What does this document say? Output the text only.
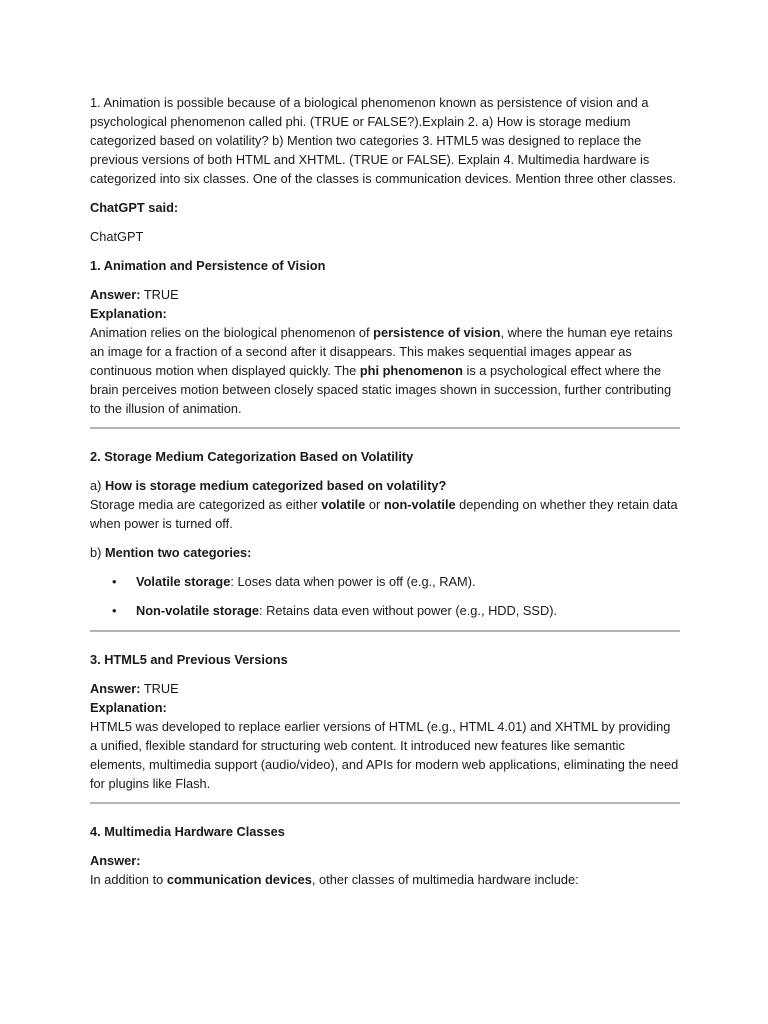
1. Animation is possible because of a biological phenomenon known as persistence of vision and a psychological phenomenon called phi. (TRUE or FALSE?).Explain 2. a) How is storage medium categorized based on volatility? b) Mention two categories 3. HTML5 was designed to replace the previous versions of both HTML and XHTML. (TRUE or FALSE). Explain 4. Multimedia hardware is categorized into six classes. One of the classes is communication devices. Mention three other classes.

ChatGPT said:

ChatGPT

1. Animation and Persistence of Vision

Answer: TRUE

Explanation:

Animation relies on the biological phenomenon of persistence of vision, where the human eye retains an image for a fraction of a second after it disappears. This makes sequential images appear as continuous motion when displayed quickly. The phi phenomenon is a psychological effect where the brain perceives motion between closely spaced static images shown in succession, further contributing to the illusion of animation.

2. Storage Medium Categorization Based on Volatility

a) How is storage medium categorized based on volatility?

Storage media are categorized as either volatile or non-volatile depending on whether they retain data when power is turned off.

b) Mention two categories:

• Volatile storage: Loses data when power is off (e.g., RAM).
• Non-volatile storage: Retains data even without power (e.g., HDD, SSD).

3. HTML5 and Previous Versions

Answer: TRUE

Explanation:

HTML5 was developed to replace earlier versions of HTML (e.g., HTML 4.01) and XHTML by providing a unified, flexible standard for structuring web content. It introduced new features like semantic elements, multimedia support (audio/video), and APIs for modern web applications, eliminating the need for plugins like Flash.

4. Multimedia Hardware Classes

Answer:

In addition to communication devices, other classes of multimedia hardware include:
